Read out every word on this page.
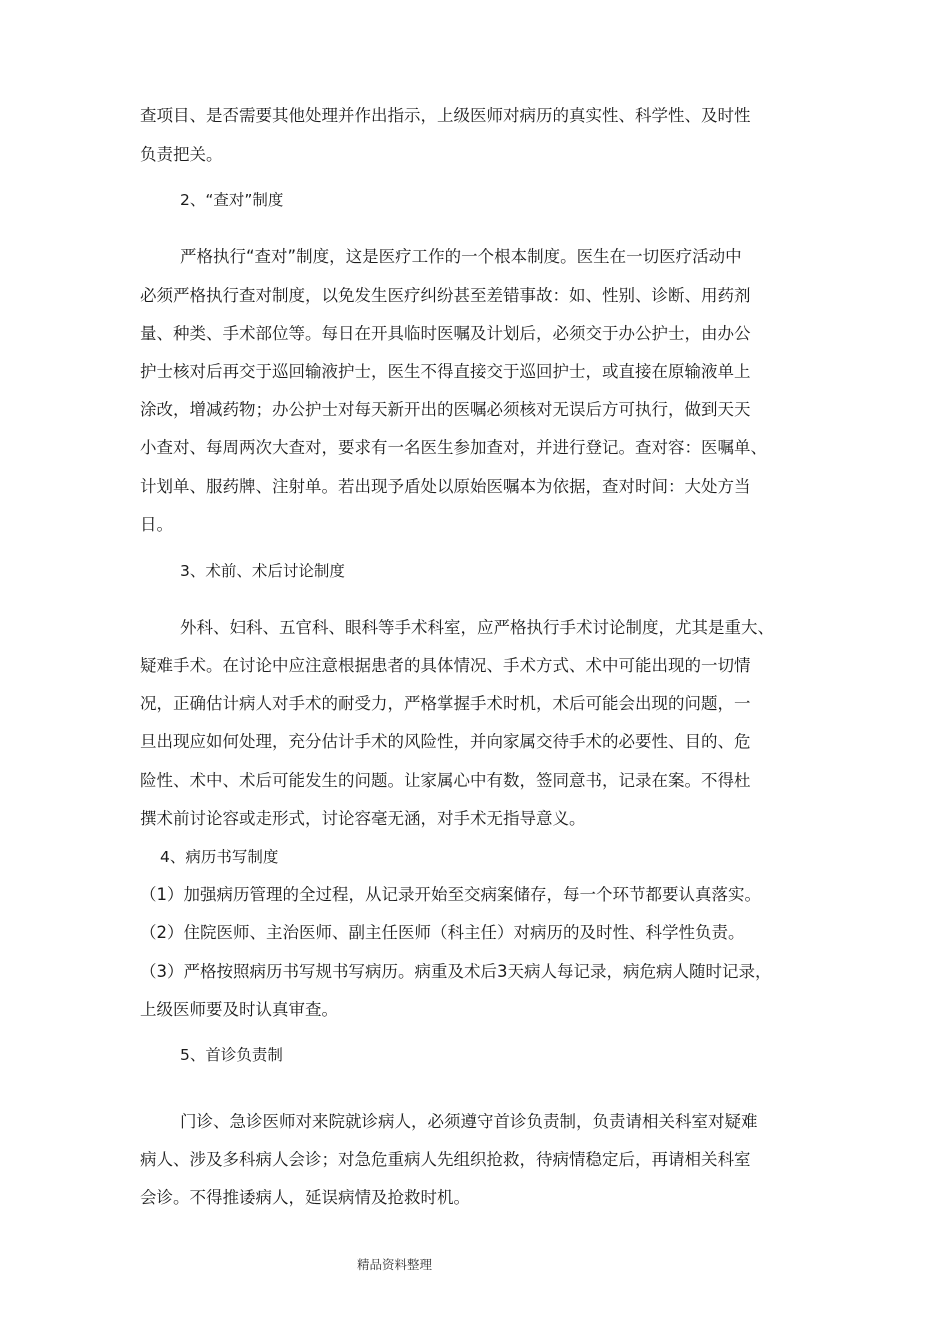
查项目、是否需要其他处理并作出指示，上级医师对病历的真实性、科学性、及时性
负责把关。
2、“查对”制度
严格执行“查对”制度，这是医疗工作的一个根本制度。医生在一切医疗活动中
必须严格执行查对制度，以免发生医疗纠纷甚至差错事故：如、性别、诊断、用药剂
量、种类、手术部位等。每日在开具临时医嘱及计划后，必须交于办公护士，由办公
护士核对后再交于巡回输液护士，医生不得直接交于巡回护士，或直接在原输液单上
涂改，增减药物；办公护士对每天新开出的医嘱必须核对无误后方可执行，做到天天
小查对、每周两次大查对，要求有一名医生参加查对，并进行登记。查对容：医嘱单、
计划单、服药牌、注射单。若出现予盾处以原始医嘱本为依据，查对时间：大处方当
日。
3、术前、术后讨论制度
外科、妇科、五官科、眼科等手术科室，应严格执行手术讨论制度，尤其是重大、
疑难手术。在讨论中应注意根据患者的具体情况、手术方式、术中可能出现的一切情
况，正确估计病人对手术的耐受力，严格掌握手术时机，术后可能会出现的问题，一
旦出现应如何处理，充分估计手术的风险性，并向家属交待手术的必要性、目的、危
险性、术中、术后可能发生的问题。让家属心中有数，签同意书，记录在案。不得杜
撰术前讨论容或走形式，讨论容毫无涵，对手术无指导意义。
4、病历书写制度
（1）加强病历管理的全过程，从记录开始至交病案储存，每一个环节都要认真落实。
（2）住院医师、主治医师、副主任医师（科主任）对病历的及时性、科学性负责。
（3）严格按照病历书写规书写病历。病重及术后3天病人每记录，病危病人随时记录，
上级医师要及时认真审查。
5、首诊负责制
门诊、急诊医师对来院就诊病人，必须遵守首诊负责制，负责请相关科室对疑难
病人、涉及多科病人会诊；对急危重病人先组织抢救，待病情稳定后，再请相关科室
会诊。不得推诿病人，延误病情及抢救时机。
精品资料整理
